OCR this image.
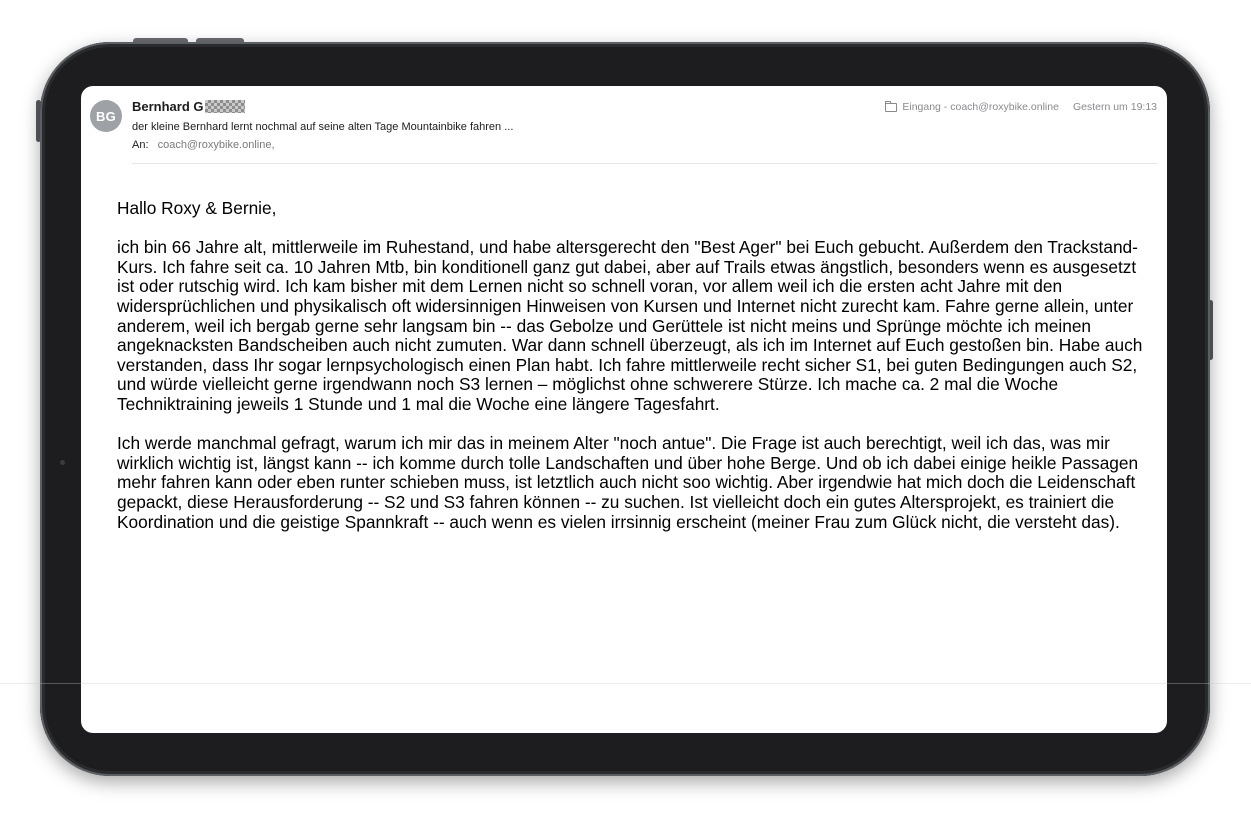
BG
Bernhard G
der kleine Bernhard lernt nochmal auf seine alten Tage Mountainbike fahren ...
An: coach@roxybike.online,
Eingang - coach@roxybike.online Gestern um 19:13

Hallo Roxy & Bernie,

ich bin 66 Jahre alt, mittlerweile im Ruhestand, und habe altersgerecht den "Best Ager" bei Euch gebucht. Außerdem den Trackstand-Kurs. Ich fahre seit ca. 10 Jahren Mtb, bin konditionell ganz gut dabei, aber auf Trails etwas ängstlich, besonders wenn es ausgesetzt ist oder rutschig wird. Ich kam bisher mit dem Lernen nicht so schnell voran, vor allem weil ich die ersten acht Jahre mit den widersprüchlichen und physikalisch oft widersinnigen Hinweisen von Kursen und Internet nicht zurecht kam. Fahre gerne allein, unter anderem, weil ich bergab gerne sehr langsam bin -- das Gebolze und Gerüttele ist nicht meins und Sprünge möchte ich meinen angeknacksten Bandscheiben auch nicht zumuten. War dann schnell überzeugt, als ich im Internet auf Euch gestoßen bin. Habe auch verstanden, dass Ihr sogar lernpsychologisch einen Plan habt. Ich fahre mittlerweile recht sicher S1, bei guten Bedingungen auch S2, und würde vielleicht gerne irgendwann noch S3 lernen – möglichst ohne schwerere Stürze. Ich mache ca. 2 mal die Woche Techniktraining jeweils 1 Stunde und 1 mal die Woche eine längere Tagesfahrt.

Ich werde manchmal gefragt, warum ich mir das in meinem Alter "noch antue". Die Frage ist auch berechtigt, weil ich das, was mir wirklich wichtig ist, längst kann -- ich komme durch tolle Landschaften und über hohe Berge. Und ob ich dabei einige heikle Passagen mehr fahren kann oder eben runter schieben muss, ist letztlich auch nicht soo wichtig. Aber irgendwie hat mich doch die Leidenschaft gepackt, diese Herausforderung -- S2 und S3 fahren können -- zu suchen. Ist vielleicht doch ein gutes Altersprojekt, es trainiert die Koordination und die geistige Spannkraft -- auch wenn es vielen irrsinnig erscheint (meiner Frau zum Glück nicht, die versteht das).
